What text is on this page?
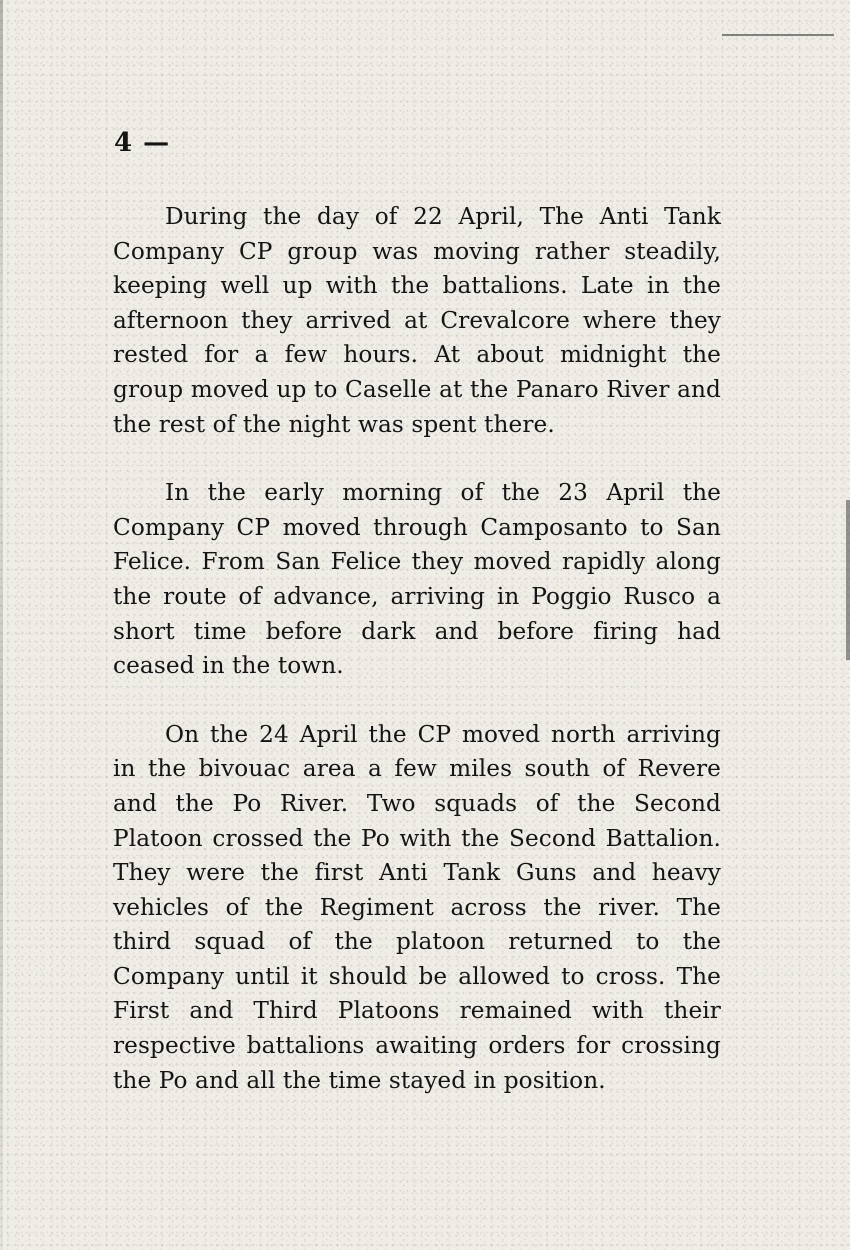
4 —

During the day of 22 April, The Anti Tank Company CP group was moving rather steadily, keeping well up with the battalions. Late in the afternoon they arrived at Crevalcore where they rested for a few hours. At about midnight the group moved up to Caselle at the Panaro River and the rest of the night was spent there.

In the early morning of the 23 April the Company CP moved through Camposanto to San Felice. From San Felice they moved rapidly along the route of advance, arriving in Poggio Rusco a short time before dark and before firing had ceased in the town.

On the 24 April the CP moved north arriving in the bivouac area a few miles south of Revere and the Po River. Two squads of the Second Platoon crossed the Po with the Second Battalion. They were the first Anti Tank Guns and heavy vehicles of the Regiment across the river. The third squad of the platoon returned to the Company until it should be allowed to cross. The First and Third Platoons remained with their respective battalions awaiting orders for crossing the Po and all the time stayed in position.
